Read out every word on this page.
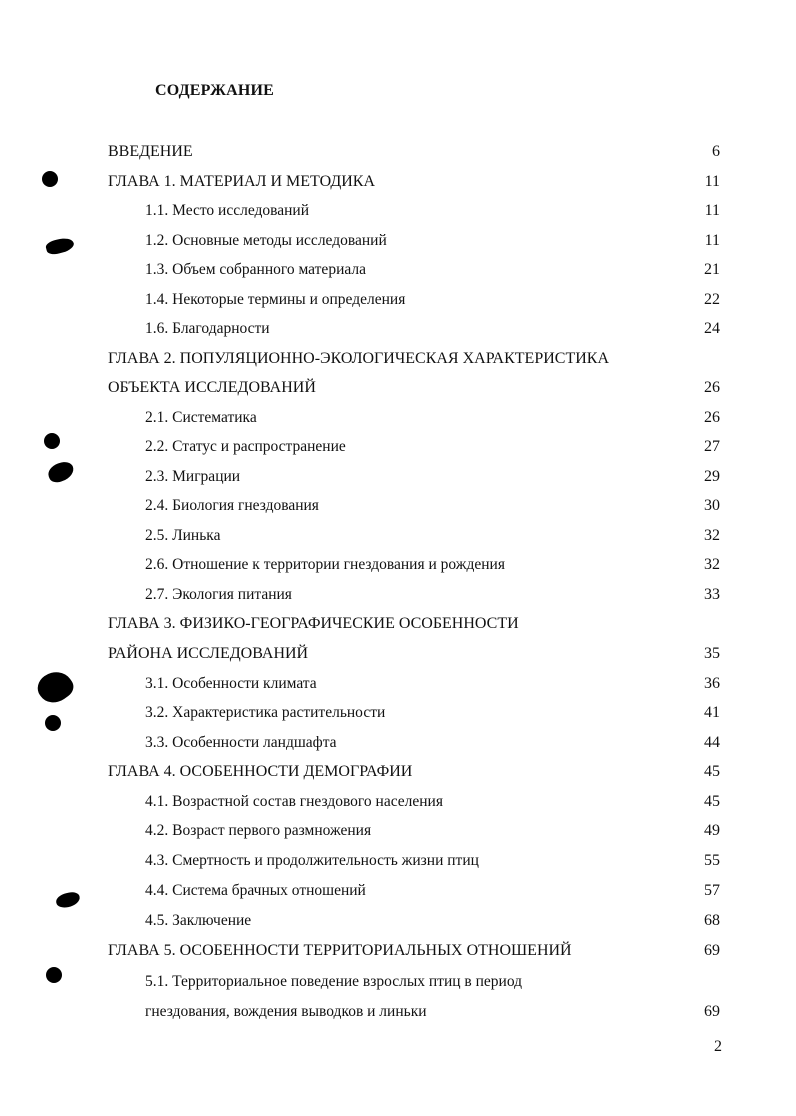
СОДЕРЖАНИЕ
ВВЕДЕНИЕ	6
ГЛАВА 1. МАТЕРИАЛ И МЕТОДИКА	11
1.1. Место исследований	11
1.2. Основные методы исследований	11
1.3. Объем собранного материала	21
1.4. Некоторые термины и определения	22
1.6. Благодарности	24
ГЛАВА 2. ПОПУЛЯЦИОННО-ЭКОЛОГИЧЕСКАЯ ХАРАКТЕРИСТИКА
ОБЪЕКТА ИССЛЕДОВАНИЙ	26
2.1. Систематика	26
2.2. Статус и распространение	27
2.3. Миграции	29
2.4. Биология гнездования	30
2.5. Линька	32
2.6. Отношение к территории гнездования и рождения	32
2.7. Экология питания	33
ГЛАВА 3. ФИЗИКО-ГЕОГРАФИЧЕСКИЕ ОСОБЕННОСТИ
РАЙОНА ИССЛЕДОВАНИЙ	35
3.1. Особенности климата	36
3.2. Характеристика растительности	41
3.3. Особенности ландшафта	44
ГЛАВА 4. ОСОБЕННОСТИ ДЕМОГРАФИИ	45
4.1. Возрастной состав гнездового населения	45
4.2. Возраст первого размножения	49
4.3. Смертность и продолжительность жизни птиц	55
4.4. Система брачных отношений	57
4.5. Заключение	68
ГЛАВА 5. ОСОБЕННОСТИ ТЕРРИТОРИАЛЬНЫХ ОТНОШЕНИЙ	69
5.1. Территориальное поведение взрослых птиц в период
гнездования, вождения выводков и линьки	69
2
